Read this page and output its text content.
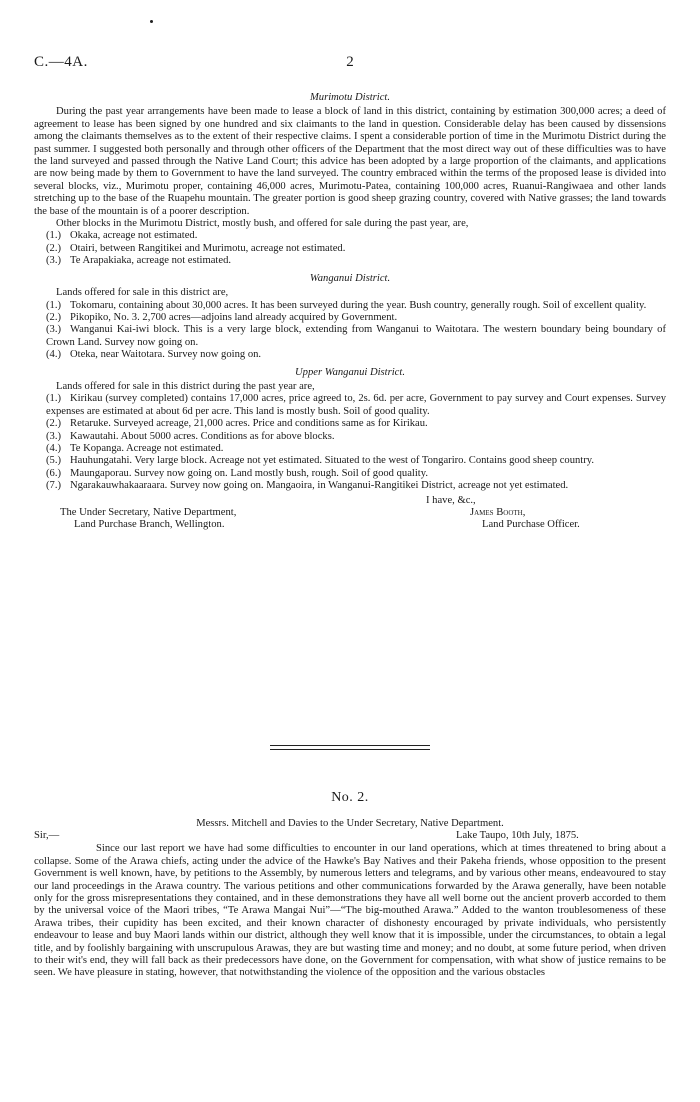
C.—4A.	2
Murimotu District.

During the past year arrangements have been made to lease a block of land in this district, containing by estimation 300,000 acres; a deed of agreement to lease has been signed by one hundred and six claimants to the land in question. Considerable delay has been caused by dissensions among the claimants themselves as to the extent of their respective claims. I spent a considerable portion of time in the Murimotu District during the past summer. I suggested both personally and through other officers of the Department that the most direct way out of these difficulties was to have the land surveyed and passed through the Native Land Court; this advice has been adopted by a large proportion of the claimants, and applications are now being made by them to Government to have the land surveyed. The country embraced within the terms of the proposed lease is divided into several blocks, viz., Murimotu proper, containing 46,000 acres, Murimotu-Patea, containing 100,000 acres, Ruanui-Rangiwaea and other lands stretching up to the base of the Ruapehu mountain. The greater portion is good sheep grazing country, covered with Native grasses; the land towards the base of the mountain is of a poorer description.

Other blocks in the Murimotu District, mostly bush, and offered for sale during the past year, are,

(1.) Okaka, acreage not estimated.
(2.) Otairi, between Rangitikei and Murimotu, acreage not estimated.
(3.) Te Arapakiaka, acreage not estimated.
Wanganui District.

Lands offered for sale in this district are,

(1.) Tokomaru, containing about 30,000 acres. It has been surveyed during the year. Bush country, generally rough. Soil of excellent quality.

(2.) Pikopiko, No. 3. 2,700 acres—adjoins land already acquired by Government.

(3.) Wanganui Kai-iwi block. This is a very large block, extending from Wanganui to Waitotara. The western boundary being boundary of Crown Land. Survey now going on.

(4.) Oteka, near Waitotara. Survey now going on.

Upper Wanganui District.

Lands offered for sale in this district during the past year are,

(1.) Kirikau (survey completed) contains 17,000 acres, price agreed to, 2s. 6d. per acre, Government to pay survey and Court expenses. Survey expenses are estimated at about 6d per acre. This land is mostly bush. Soil of good quality.

(2.) Retaruke. Surveyed acreage, 21,000 acres. Price and conditions same as for Kirikau.

(3.) Kawautahi. About 5000 acres. Conditions as for above blocks.

(4.) Te Kopanga. Acreage not estimated.

(5.) Hauhungatahi. Very large block. Acreage not yet estimated. Situated to the west of Tongariro. Contains good sheep country.

(6.) Maungaporau. Survey now going on. Land mostly bush, rough. Soil of good quality.

(7.) Ngarakauwhakaaraara. Survey now going on. Mangaoira, in Wanganui-Rangitikei District, acreage not yet estimated.

I have, &c.,
James Booth,
Land Purchase Officer.
The Under Secretary, Native Department,
Land Purchase Branch, Wellington.
No. 2.
Messrs. Mitchell and Davies to the Under Secretary, Native Department.
Sir,—	Lake Taupo, 10th July, 1875.

Since our last report we have had some difficulties to encounter in our land operations, which at times threatened to bring about a collapse. Some of the Arawa chiefs, acting under the advice of the Hawke's Bay Natives and their Pakeha friends, whose opposition to the present Government is well known, have, by petitions to the Assembly, by numerous letters and telegrams, and by various other means, endeavoured to stay our land proceedings in the Arawa country. The various petitions and other communications forwarded by the Arawa generally, have been notable only for the gross misrepresentations they contained, and in these demonstrations they have all well borne out the ancient proverb accorded to them by the universal voice of the Maori tribes, “Te Arawa Mangai Nui”—“The big-mouthed Arawa.” Added to the wanton troublesomeness of these Arawa tribes, their cupidity has been excited, and their known character of dishonesty encouraged by private individuals, who persistently endeavour to lease and buy Maori lands within our district, although they well know that it is impossible, under the circumstances, to obtain a legal title, and by foolishly bargaining with unscrupulous Arawas, they are but wasting time and money; and no doubt, at some future period, when driven to their wit's end, they will fall back as their predecessors have done, on the Government for compensation, with what show of justice remains to be seen. We have pleasure in stating, however, that notwithstanding the violence of the opposition and the various obstacles
